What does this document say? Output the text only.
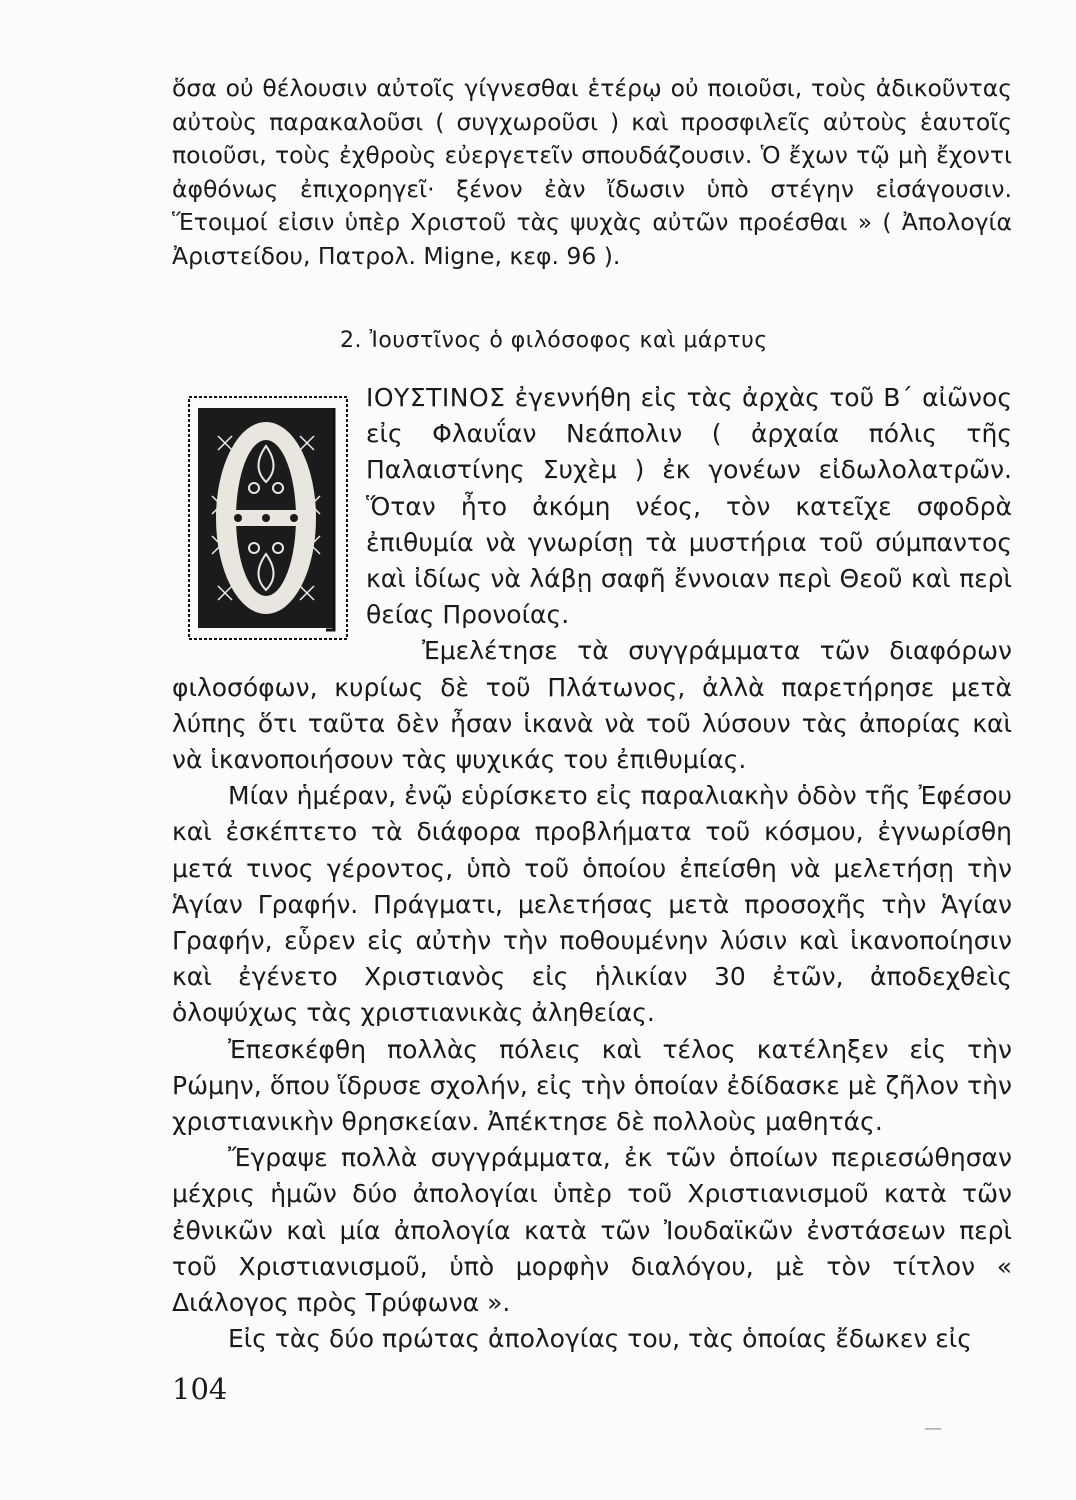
ὅσα οὐ θέλουσιν αὐτοῖς γίγνεσθαι ἑτέρῳ οὐ ποιοῦσι, τοὺς ἀδικοῦντας αὐτοὺς παρακαλοῦσι ( συγχωροῦσι ) καὶ προσφιλεῖς αὐτοὺς ἑαυτοῖς ποιοῦσι, τοὺς ἐχθροὺς εὐεργετεῖν σπουδάζουσιν. Ὁ ἔχων τῷ μὴ ἔχοντι ἀφθόνως ἐπιχορηγεῖ· ξένον ἐὰν ἴδωσιν ὑπὸ στέγην εἰσάγουσιν. Ἕτοιμοί εἰσιν ὑπὲρ Χριστοῦ τὰς ψυχὰς αὐτῶν προέσθαι » ( Ἀπολογία Ἀριστείδου, Πατρολ. Migne, κεφ. 96 ).

2. Ἰουστῖνος ὁ φιλόσοφος καὶ μάρτυς

ΙΟΥΣΤΙΝΟΣ ἐγεννήθη εἰς τὰς ἀρχὰς τοῦ Β΄ αἰῶνος εἰς Φλαυΐαν Νεάπολιν ( ἀρχαία πόλις τῆς Παλαιστίνης Συχὲμ ) ἐκ γονέων εἰδωλολατρῶν. Ὅταν ἦτο ἀκόμη νέος, τὸν κατεῖχε σφοδρὰ ἐπιθυμία νὰ γνωρίσῃ τὰ μυστήρια τοῦ σύμπαντος καὶ ἰδίως νὰ λάβῃ σαφῆ ἔννοιαν περὶ Θεοῦ καὶ περὶ θείας Προνοίας.

Ἐμελέτησε τὰ συγγράμματα τῶν διαφόρων φιλοσόφων, κυρίως δὲ τοῦ Πλάτωνος, ἀλλὰ παρετήρησε μετὰ λύπης ὅτι ταῦτα δὲν ἦσαν ἱκανὰ νὰ τοῦ λύσουν τὰς ἀπορίας καὶ νὰ ἱκανοποιήσουν τὰς ψυχικάς του ἐπιθυμίας.

Μίαν ἡμέραν, ἐνῷ εὑρίσκετο εἰς παραλιακὴν ὁδὸν τῆς Ἐφέσου καὶ ἐσκέπτετο τὰ διάφορα προβλήματα τοῦ κόσμου, ἐγνωρίσθη μετά τινος γέροντος, ὑπὸ τοῦ ὁποίου ἐπείσθη νὰ μελετήσῃ τὴν Ἁγίαν Γραφήν. Πράγματι, μελετήσας μετὰ προσοχῆς τὴν Ἁγίαν Γραφήν, εὗρεν εἰς αὐτὴν τὴν ποθουμένην λύσιν καὶ ἱκανοποίησιν καὶ ἐγένετο Χριστιανὸς εἰς ἡλικίαν 30 ἐτῶν, ἀποδεχθεὶς ὁλοψύχως τὰς χριστιανικὰς ἀληθείας.

Ἐπεσκέφθη πολλὰς πόλεις καὶ τέλος κατέληξεν εἰς τὴν Ρώμην, ὅπου ἵδρυσε σχολήν, εἰς τὴν ὁποίαν ἐδίδασκε μὲ ζῆλον τὴν χριστιανικὴν θρησκείαν. Ἀπέκτησε δὲ πολλοὺς μαθητάς.

Ἔγραψε πολλὰ συγγράμματα, ἐκ τῶν ὁποίων περιεσώθησαν μέχρις ἡμῶν δύο ἀπολογίαι ὑπὲρ τοῦ Χριστιανισμοῦ κατὰ τῶν ἐθνικῶν καὶ μία ἀπολογία κατὰ τῶν Ἰουδαϊκῶν ἐνστάσεων περὶ τοῦ Χριστιανισμοῦ, ὑπὸ μορφὴν διαλόγου, μὲ τὸν τίτλον « Διάλογος πρὸς Τρύφωνα ».

Εἰς τὰς δύο πρώτας ἀπολογίας του, τὰς ὁποίας ἔδωκεν εἰς

104
—
